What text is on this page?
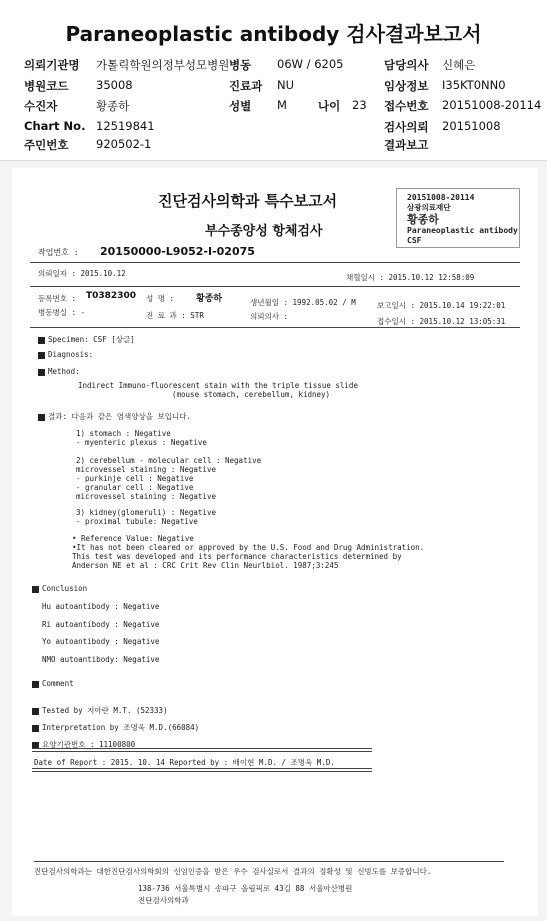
Paraneoplastic antibody 검사결과보고서
의뢰기관명 가톨릭학원의정부성모병원 병동 06W / 6205	담당의사 신혜은
병원코드 35008	진료과 NU	임상정보 I35KT0NN0
수진자	황종하	성별 M	나이 23 접수번호 20151008-20114
Chart No. 12519841	검사의뢰 20151008
주민번호 920502-1	결과보고
진단검사의학과 특수보고서
부수종양성 항체검사
20151008-20114
삼광의료재단
황종하
Paraneoplastic antibody
CSF
작업번호 : 20150000-L9052-I-02075
의뢰일자 : 2015.10.12	채혈일시 : 2015.10.12 12:58:09
등록번호 : T0382300 성 명 : 황종하	생년월일 : 1992.05.02 / M	보고일시 : 2015.10.14 19:22:01
병동병실 : -	진 료 과 : STR	의뢰의사 :
접수일시 : 2015.10.12 13:05:31
Specimen: CSF [상글]
Diagnosis:
Method:
Indirect Immuno-fluorescent stain with the triple tissue slide
(mouse stomach, cerebellum, kidney)
결과: 다음과 같은 염색양상을 보입니다.
1) stomach : Negative
- myenteric plexus : Negative
2) cerebellum - molecular cell : Negative
microvessel staining : Negative
- purkinje cell : Negative
- granular cell : Negative
microvessel staining : Negative
3) kidney(glomeruli) : Negative
- proximal tubule: Negative
• Reference Value: Negative
•It has not been cleared or approved by the U.S. Food and Drug Administration.
This test was developed and its performance characteristics determined by
Anderson NE et al : CRC Crit Rev Clin Neurlbiol. 1987;3:245
Conclusion
Hu autoantibody : Negative
Ri autoantibody : Negative
Yo autoantibody : Negative
NMO autoantibody: Negative
Comment
Tested by 지아란 M.T. (52333)
Interpretation by 조명욱 M.D.(66084)
요양기관번호 : 11100800
Date of Report : 2015. 10. 14 Reported by : 배이현 M.D. / 조명욱 M.D.
진단검사의학과는 대한진단검사의학회의 신임인증을 받은 우수 검사실로서 결과의 정확성 및 신빙도를 보증합니다.
138-736 서울특별시 송파구 올림픽로 43길 88 서울아산병원
진단검사의학과
